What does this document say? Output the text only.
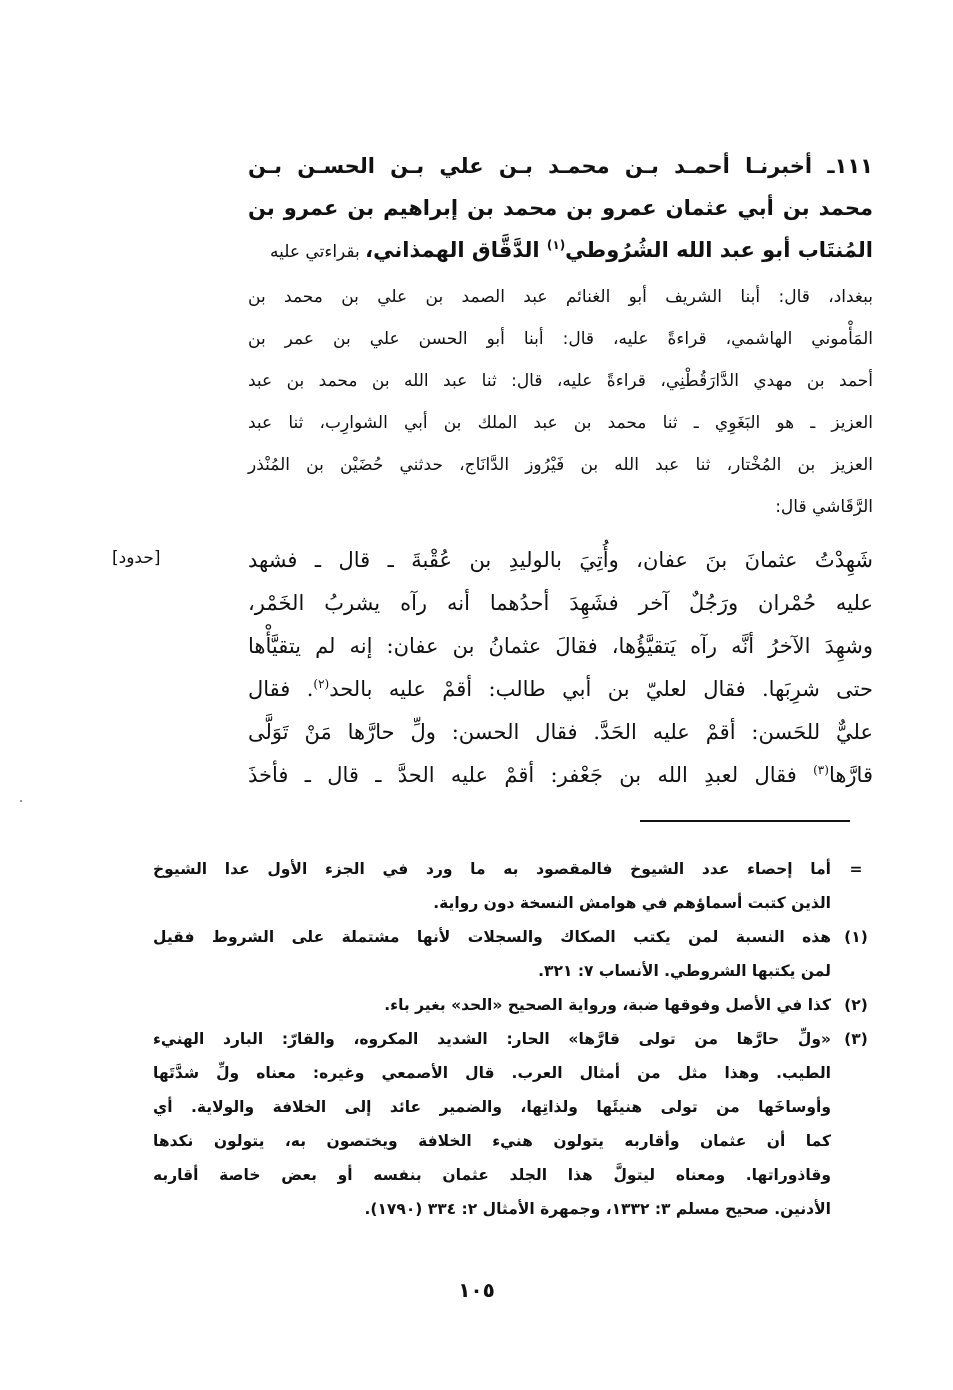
١١١ـ أخبرنـا أحمـد بـن محمـد بـن علي بـن الحسـن بـن
محمد بن أبي عثمان عمرو بن محمد بن إبراهيم بن عمرو بن
المُنتَاب أبو عبد الله الشُرُوطي$^{(١)}$ الدَّقَّاق الهمذاني، بقراءتي عليه
ببغداد، قال: أبنا الشريف أبو الغنائم عبد الصمد بن علي بن محمد بن
المَأْموني الهاشمي، قراءةً عليه، قال: أبنا أبو الحسن علي بن عمر بن
أحمد بن مهدي الدَّارَقُطْنِي، قراءةً عليه، قال: ثنا عبد الله بن محمد بن عبد
العزيز ـ هو البَغَوِي ـ ثنا محمد بن عبد الملك بن أبي الشوارِب، ثنا عبد
العزيز بن المُخْتار، ثنا عبد الله بن فَيْرُوز الدَّانَاج، حدثني حُضَيْن بن المُنْذر
الرَّقَاشي قال:
[حدود]	شَهِدْتُ عثمانَ بنَ عفان، وأُتِيَ بالوليدِ بن عُقْبةَ ـ قال ـ فشهد
عليه حُمْران ورَجُلٌ آخر فشَهِدَ أحدُهما أنه رآه يشربُ الخَمْر،
وشهِدَ الآخرُ أنَّه رآه يَتقيَّؤُها، فقالَ عثمانُ بن عفان: إنه لم يتقيَّأْها
حتى شرِبَها. فقال لعليّ بن أبي طالب: أقمْ عليه بالحد$^{(٢)}$. فقال
عليٌّ للحَسن: أقمْ عليه الحَدَّ. فقال الحسن: ولِّ حارَّها مَنْ تَوَلَّى
قارَّها$^{(٣)}$ فقال لعبدِ الله بن جَعْفر: أقمْ عليه الحدَّ ـ قال ـ فأخذَ
=
أما إحصاء عدد الشيوخ فالمقصود به ما ورد في الجزء الأول عدا الشيوخ
الذين كتبت أسماؤهم في هوامش النسخة دون رواية.
(١)
هذه النسبة لمن يكتب الصكاك والسجلات لأنها مشتملة على الشروط فقيل
لمن يكتبها الشروطي. الأنساب ٧: ٣٢١.
(٢)
كذا في الأصل وفوقها ضبة، ورواية الصحيح «الحد» بغير باء.
(٣)
«ولِّ حارَّها من تولى قارَّها» الحار: الشديد المكروه، والقارّ: البارد الهنيء
الطيب. وهذا مثل من أمثال العرب. قال الأصمعي وغيره: معناه ولِّ شدَّتَها
وأوساخَها من تولى هنيئَها ولذاتِها، والضمير عائد إلى الخلافة والولاية. أي
كما أن عثمان وأقاربه يتولون هنيء الخلافة ويختصون به، يتولون نكدها
وقاذوراتها. ومعناه ليتولَّ هذا الجلد عثمان بنفسه أو بعض خاصة أقاربه
الأدنين. صحيح مسلم ٣: ١٣٣٢، وجمهرة الأمثال ٢: ٣٣٤ (١٧٩٠).
١٠٥
